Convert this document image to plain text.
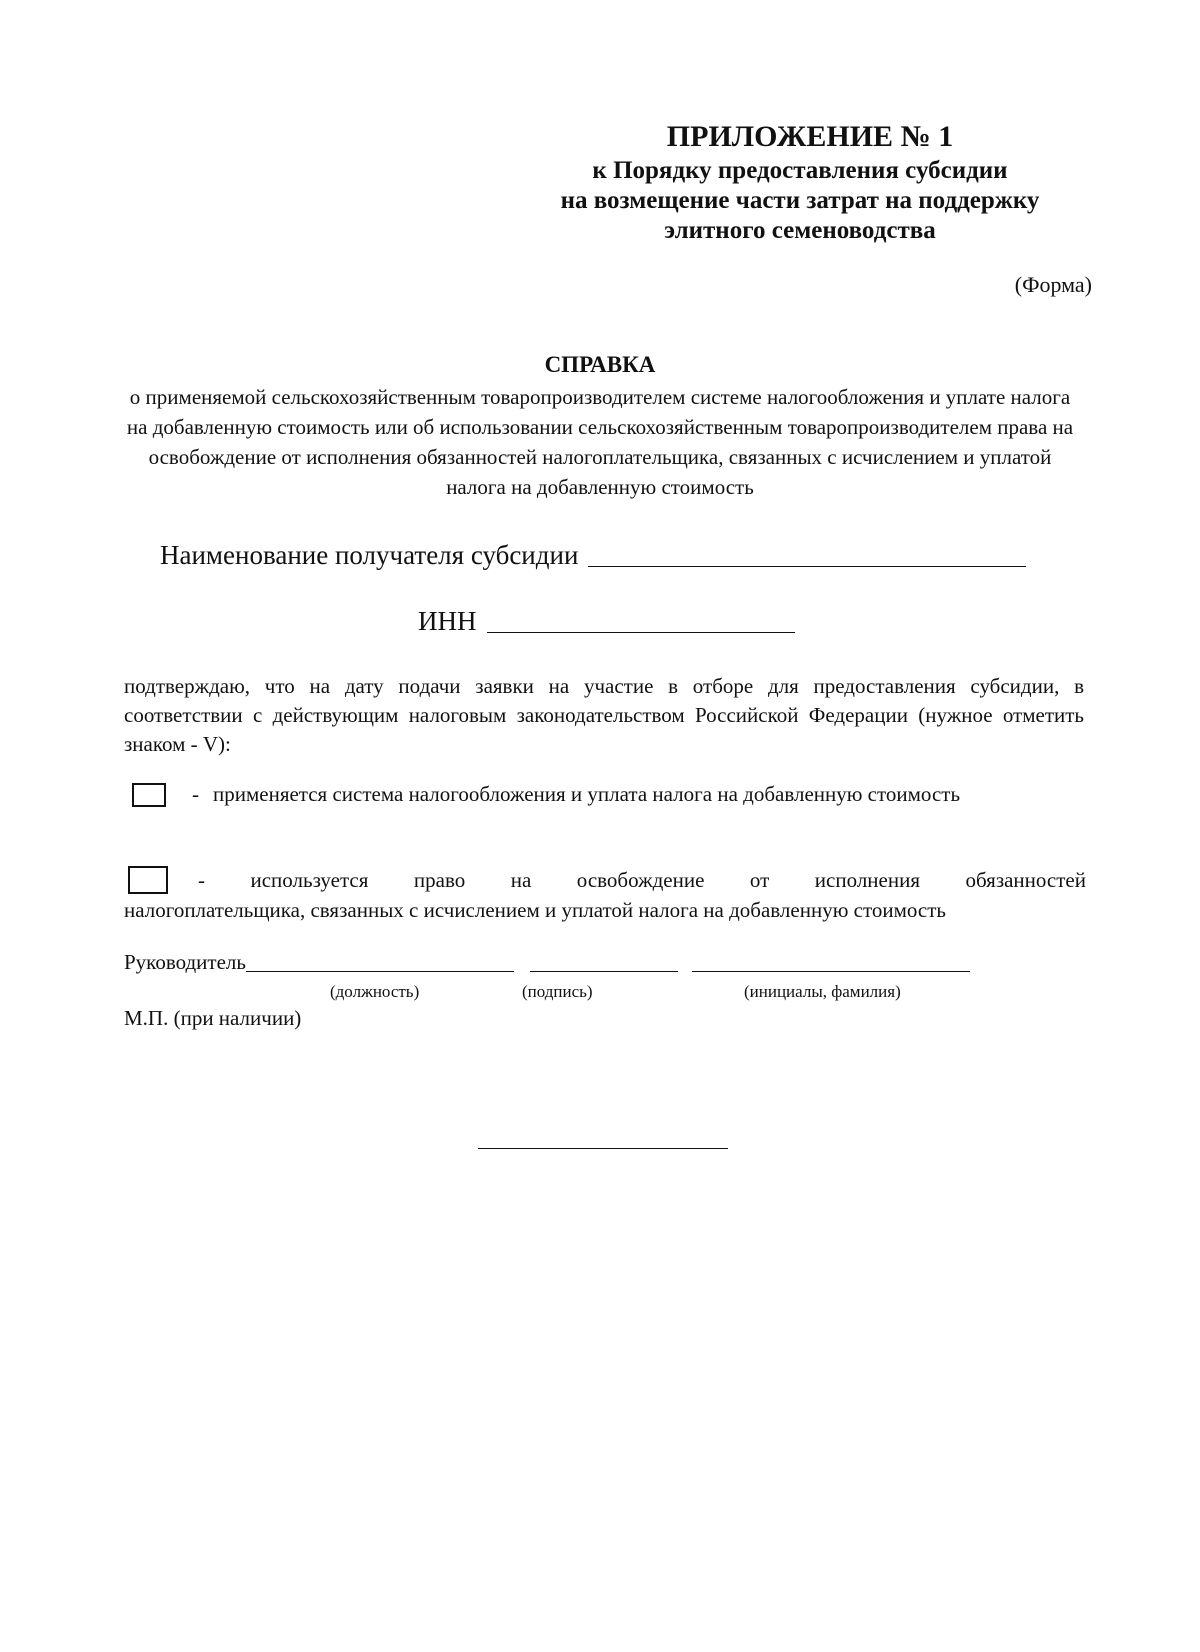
ПРИЛОЖЕНИЕ № 1
к Порядку предоставления субсидии
на возмещение части затрат на поддержку
элитного семеноводства
(Форма)
СПРАВКА
о применяемой сельскохозяйственным товаропроизводителем системе налогообложения и уплате налога на добавленную стоимость или об использовании сельскохозяйственным товаропроизводителем права на освобождение от исполнения обязанностей налогоплательщика, связанных с исчислением и уплатой налога на добавленную стоимость
Наименование получателя субсидии
ИНН
подтверждаю, что на дату подачи заявки на участие в отборе для предоставления субсидии, в соответствии с действующим налоговым законодательством Российской Федерации (нужное отметить знаком - V):
- применяется система налогообложения и уплата налога на добавленную стоимость
- используется право на освобождение от исполнения обязанностей
налогоплательщика, связанных с исчислением и уплатой налога на добавленную стоимость
Руководитель
(должность)	(подпись)	(инициалы, фамилия)
М.П. (при наличии)
